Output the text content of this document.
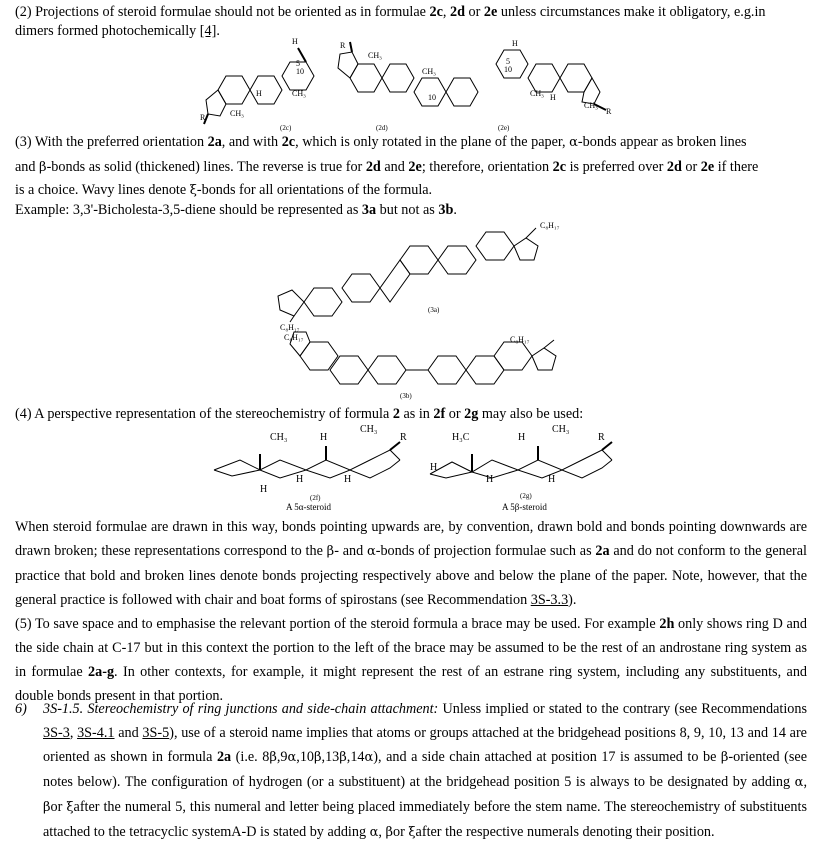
(2) Projections of steroid formulae should not be oriented as in formulae 2c, 2d or 2e unless circumstances make it obligatory, e.g.in dimers formed photochemically [4].

H
5
10
CH₃
H
R	CH₃
CH₃
CH₃
R
10
H
5
10
CH₃
CH₃
R
H
(2c)	(2d)	(2e)
(3) With the preferred orientation 2a, and with 2c, which is only rotated in the plane of the paper, α-bonds appear as broken lines
and β-bonds as solid (thickened) lines. The reverse is true for 2d and 2e; therefore, orientation 2c is preferred over 2d or 2e if there
is a choice. Wavy lines denote ξ-bonds for all orientations of the formula.
Example: 3,3'-Bicholesta-3,5-diene should be represented as 3a but not as 3b.
C₈H₁₇
(3a)
C₈H₁₇
C₈H₁₇	C₈H₁₇
(3b)

(4) A perspective representation of the stereochemistry of formula 2 as in 2f or 2g may also be used:

CH₃	H
CH₃
R
H
H	H
H₃C	H
CH₃
R
H
H	H
(2f)
A 5α-steroid
(2g)
A 5β-steroid
When steroid formulae are drawn in this way, bonds pointing upwards are, by convention, drawn bold and bonds pointing downwards are drawn broken; these representations correspond to the β- and α-bonds of projection formulae such as 2a and do not conform to the general practice that bold and broken lines denote bonds projecting respectively above and below the plane of the paper. Note, however, that the general practice is followed with chair and boat forms of spirostans (see Recommendation 3S-3.3).
(5) To save space and to emphasise the relevant portion of the steroid formula a brace may be used. For example 2h only shows ring D and the side chain at C-17 but in this context the portion to the left of the brace may be assumed to be the rest of an androstane ring system as in formulae 2a-g. In other contexts, for example, it might represent the rest of an estrane ring system, including any substituents, and double bonds present in that portion.
6) 3S-1.5. Stereochemistry of ring junctions and side-chain attachment: Unless implied or stated to the contrary (see Recommendations 3S-3, 3S-4.1 and 3S-5), use of a steroid name implies that atoms or groups attached at the bridgehead positions 8, 9, 10, 13 and 14 are oriented as shown in formula 2a (i.e. 8β,9α,10β,13β,14α), and a side chain attached at position 17 is assumed to be β-oriented (see notes below). The configuration of hydrogen (or a substituent) at the bridgehead position 5 is always to be designated by adding α, βor ξafter the numeral 5, this numeral and letter being placed immediately before the stem name. The stereochemistry of substituents attached to the tetracyclic systemA-D is stated by adding α, βor ξafter the respective numerals denoting their position.
